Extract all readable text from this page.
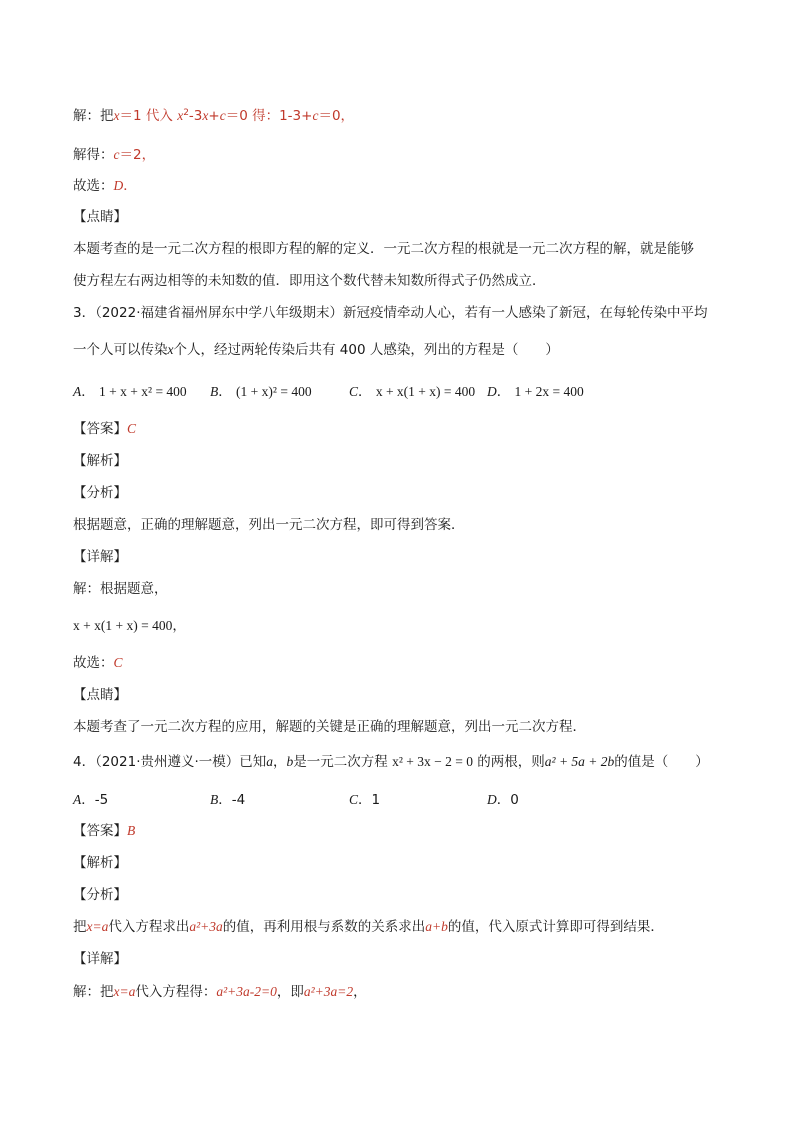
解：把x＝1 代入 $x^2-3x+c=0$ 得：1-3+c＝0，
解得：c＝2，
故选：D．
【点睛】
本题考查的是一元二次方程的根即方程的解的定义．一元二次方程的根就是一元二次方程的解，就是能够
使方程左右两边相等的未知数的值．即用这个数代替未知数所得式子仍然成立．
3．（2022·福建省福州屏东中学八年级期末）新冠疫情牵动人心，若有一人感染了新冠，在每轮传染中平均
一个人可以传染x个人，经过两轮传染后共有 400 人感染，列出的方程是（　　）
A． 1 + x + x² = 400 B． (1 + x)² = 400	C． x + x(1 + x) = 400 D． 1 + 2x = 400
【答案】C
【解析】
【分析】
根据题意，正确的理解题意，列出一元二次方程，即可得到答案．
【详解】
解：根据题意，
x + x(1 + x) = 400，
故选：C
【点睛】
本题考查了一元二次方程的应用，解题的关键是正确的理解题意，列出一元二次方程．
4．（2021·贵州遵义·一模）已知a，b是一元二次方程 x² + 3x − 2 = 0 的两根，则a² + 5a + 2b的值是（　　）
A．-5	B．-4	C．1	D．0
【答案】B
【解析】
【分析】
把x=a代入方程求出a²+3a的值，再利用根与系数的关系求出a+b的值，代入原式计算即可得到结果．
【详解】
解：把x=a代入方程得：a²+3a-2=0，即a²+3a=2，
